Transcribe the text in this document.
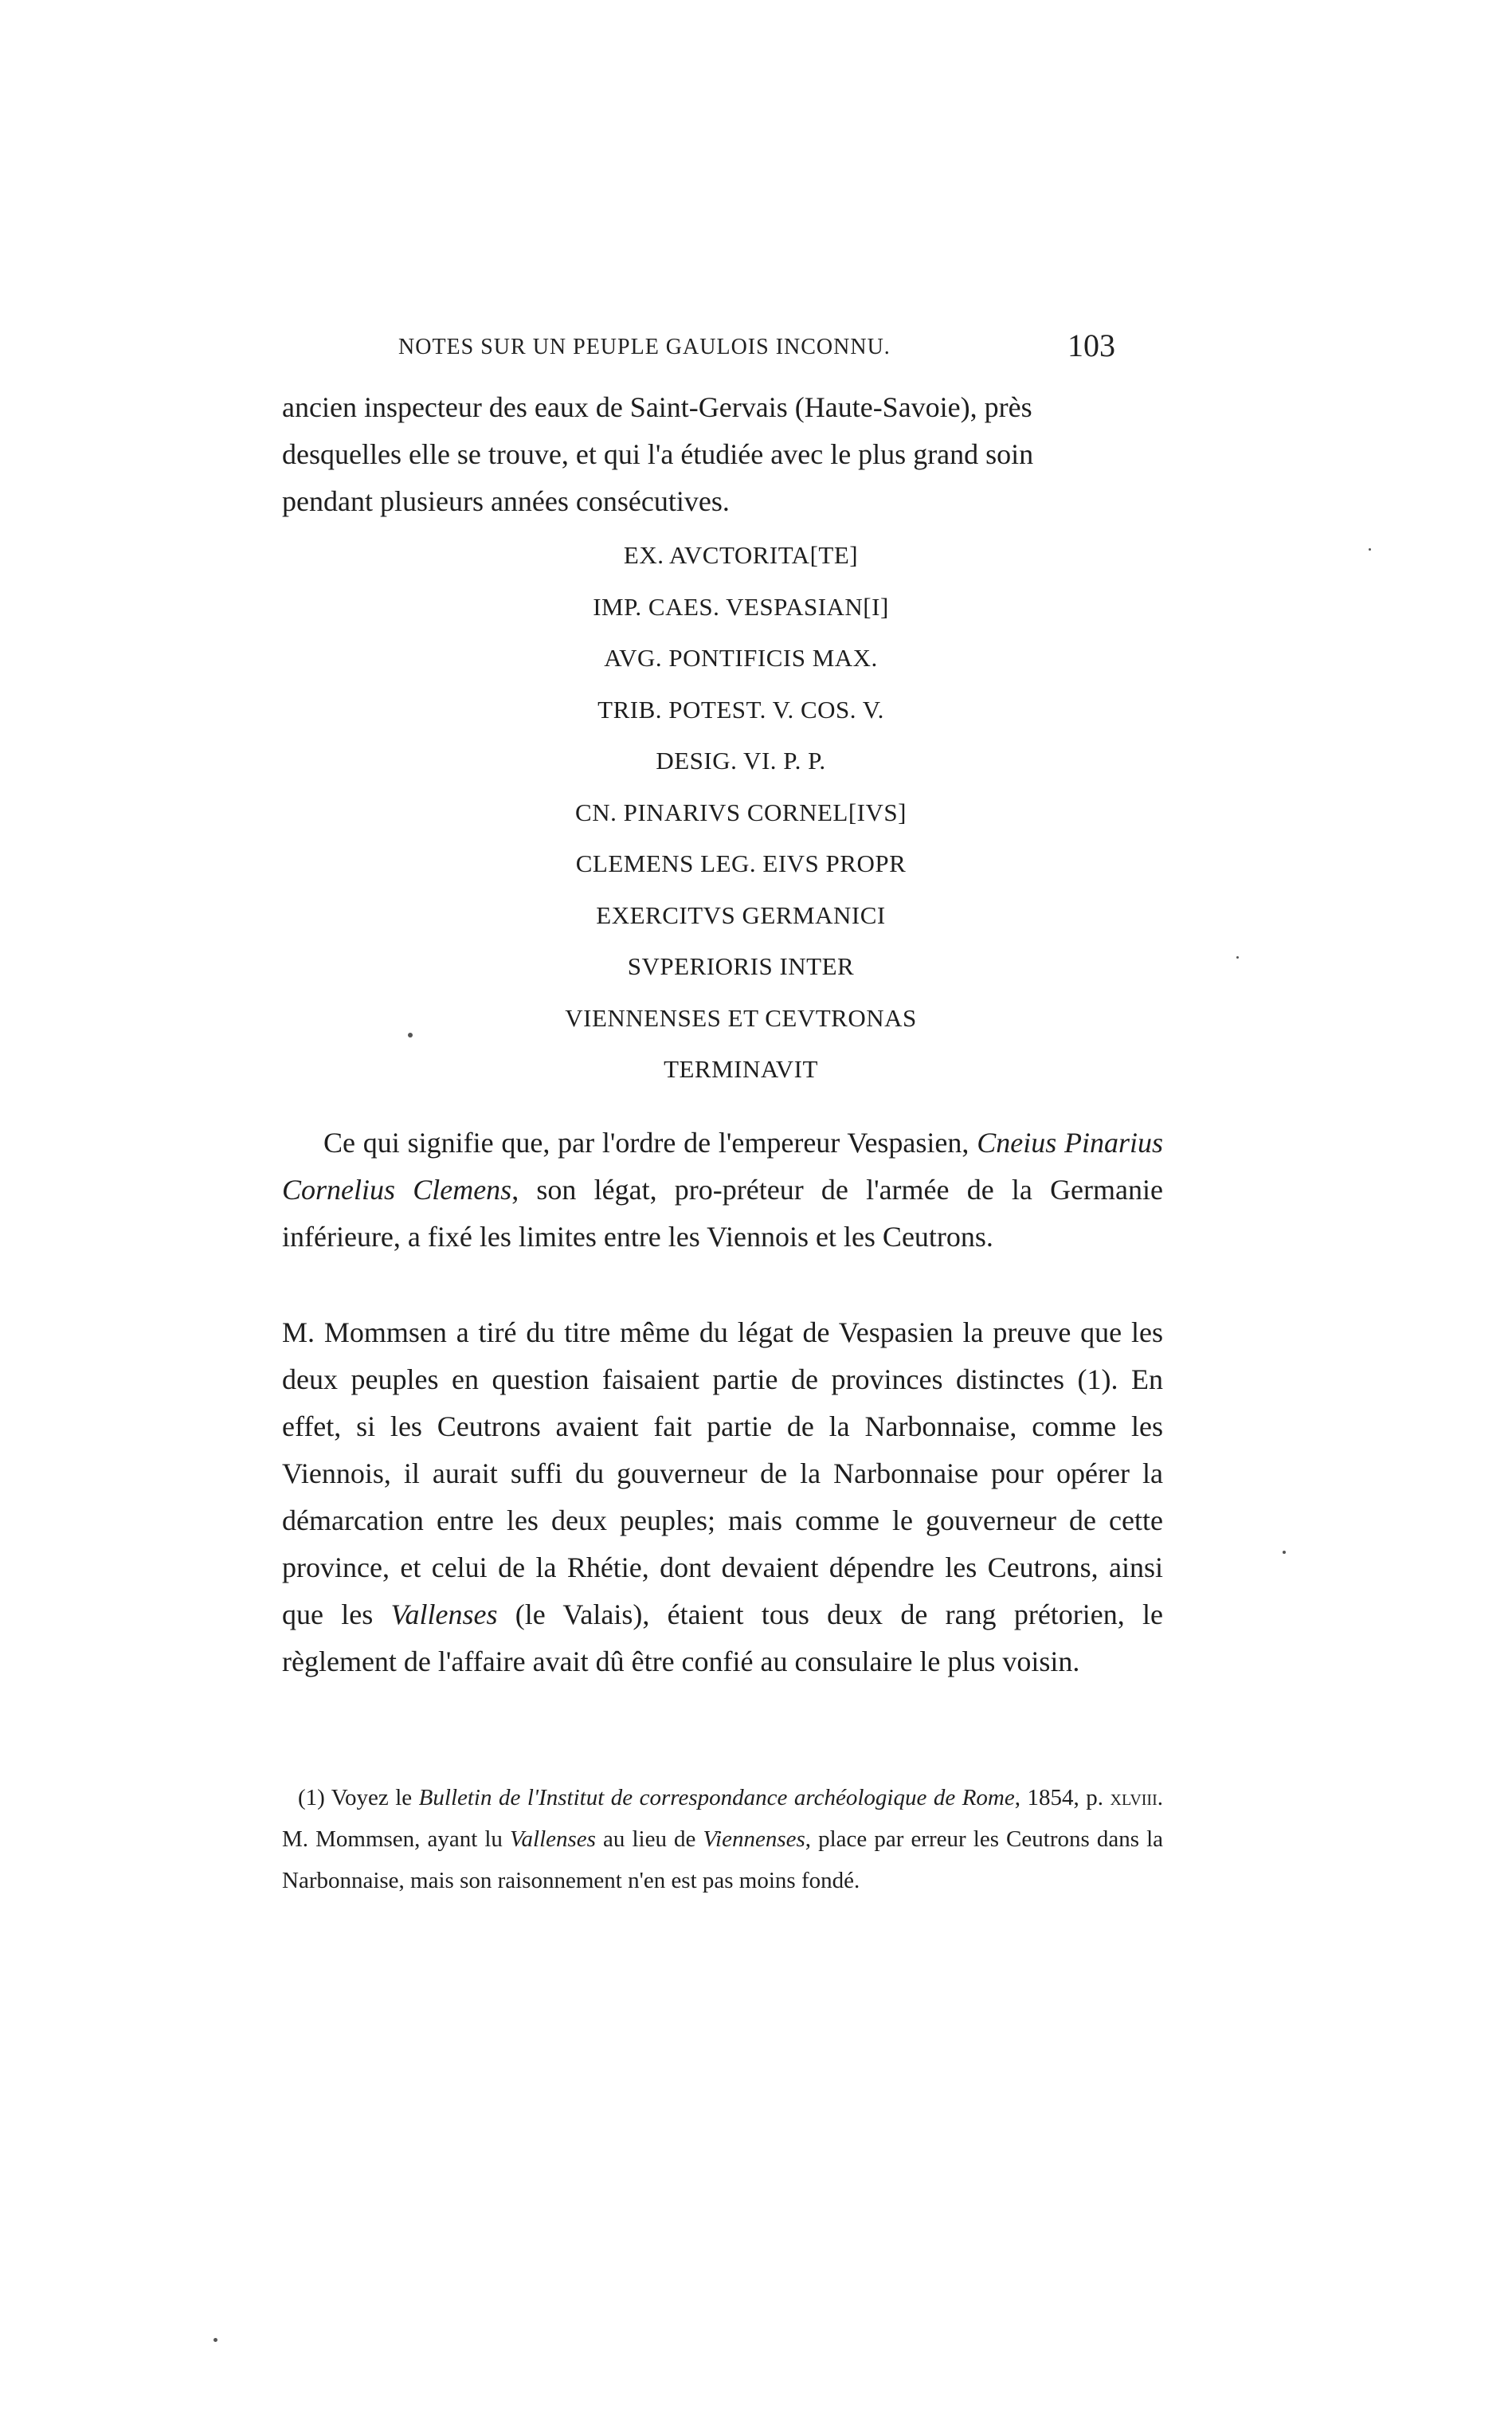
NOTES SUR UN PEUPLE GAULOIS INCONNU.	103
ancien inspecteur des eaux de Saint-Gervais (Haute-Savoie), près
desquelles elle se trouve, et qui l'a étudiée avec le plus grand soin
pendant plusieurs années consécutives.
EX. AVCTORITA[TE]
IMP. CAES. VESPASIAN[I]
AVG. PONTIFICIS MAX.
TRIB. POTEST. V. COS. V.
DESIG. VI. P. P.
CN. PINARIVS CORNEL[IVS]
CLEMENS LEG. EIVS PROPR
EXERCITVS GERMANICI
SVPERIORIS INTER
VIENNENSES ET CEVTRONAS
TERMINAVIT
Ce qui signifie que, par l'ordre de l'empereur Vespasien, Cneius Pinarius Cornelius Clemens, son légat, pro-préteur de l'armée de la Germanie inférieure, a fixé les limites entre les Viennois et les Ceutrons.
M. Mommsen a tiré du titre même du légat de Vespasien la preuve que les deux peuples en question faisaient partie de provinces distinctes (1). En effet, si les Ceutrons avaient fait partie de la Narbonnaise, comme les Viennois, il aurait suffi du gouverneur de la Narbonnaise pour opérer la démarcation entre les deux peuples; mais comme le gouverneur de cette province, et celui de la Rhétie, dont devaient dépendre les Ceutrons, ainsi que les Vallenses (le Valais), étaient tous deux de rang prétorien, le règlement de l'affaire avait dû être confié au consulaire le plus voisin.
(1) Voyez le Bulletin de l'Institut de correspondance archéologique de Rome, 1854, p. xlviii. M. Mommsen, ayant lu Vallenses au lieu de Viennenses, place par erreur les Ceutrons dans la Narbonnaise, mais son raisonnement n'en est pas moins fondé.
